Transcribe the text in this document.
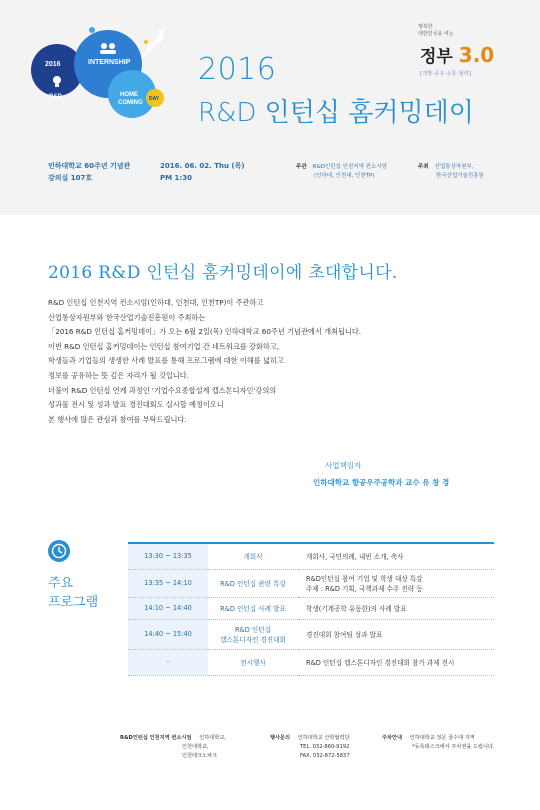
2016
R&D
INTERNSHIP
HOME
COMING
DAY
2016
R&D 인턴십 홈커밍데이
행복한
대한민국을 여는
정부 3.0
[개방·공유·소통·협력]
인하대학교 60주년 기념관
강의실 107호
2016. 06. 02. Thu (목)
PM 1:30
주관 R&D인턴십 인천지역 컨소시엄
(인하대, 인천대, 인천TP)
주최 산업통상자원부,
한국산업기술진흥원
2016 R&D 인턴십 홈커밍데이에 초대합니다.

R&D 인턴십 인천지역 컨소시엄(인하대, 인천대, 인천TP)이 주관하고

산업통상자원부와 한국산업기술진흥원이 주최하는

「2016 R&D 인턴십 홈커밍데이」가 오는 6월 2일(목) 인하대학교 60주년 기념관에서 개최됩니다.

이번 R&D 인턴십 홈커밍데이는 인턴십 참여기업 간 네트워크를 강화하고,

학생들과 기업들의 생생한 사례 발표를 통해 프로그램에 대한 이해를 넓히고

정보를 공유하는 뜻 깊은 자리가 될 것입니다.

더불어 R&D 인턴십 연계 과정인 '기업수요종합설계 캡스톤디자인'강의의

성과물 전시 및 성과 발표 경진대회도 실시할 예정이오니

본 행사에 많은 관심과 참여를 부탁드립니다.

사업책임자
인하대학교 항공우주공학과 교수 유 창 경
주요
프로그램
13:30 ~ 13:35	개회식	개회사, 국민의례, 내빈 소개, 축사
13:35 ~ 14:10	R&D 인턴십 관련 특강	R&D인턴십 참여 기업 및 학생 대상 특강
주제 : R&D 기획, 국책과제 수주 전략 등

14:10 ~ 14:40	R&D 인턴십 사례 발표	학생(기계공학 유동한)의 사례 발표
14:40 ~ 15:40	R&D 인턴십
캡스톤디자인 경진대회	경진대회 참여팀 성과 발표
-	전시행사	R&D 인턴십 캡스톤디자인 경진대회 참가 과제 전시
R&D인턴십 인천지역 컨소시엄 인하대학교,
인천대학교,
인천테크노파크
행사문의 인하대학교 산학협력단
TEL. 032-860-9192
FAX. 032-872-5837
주차안내 인하대학교 정문 골수대 지역
*등록데스크에서 주차권을 드립니다.
